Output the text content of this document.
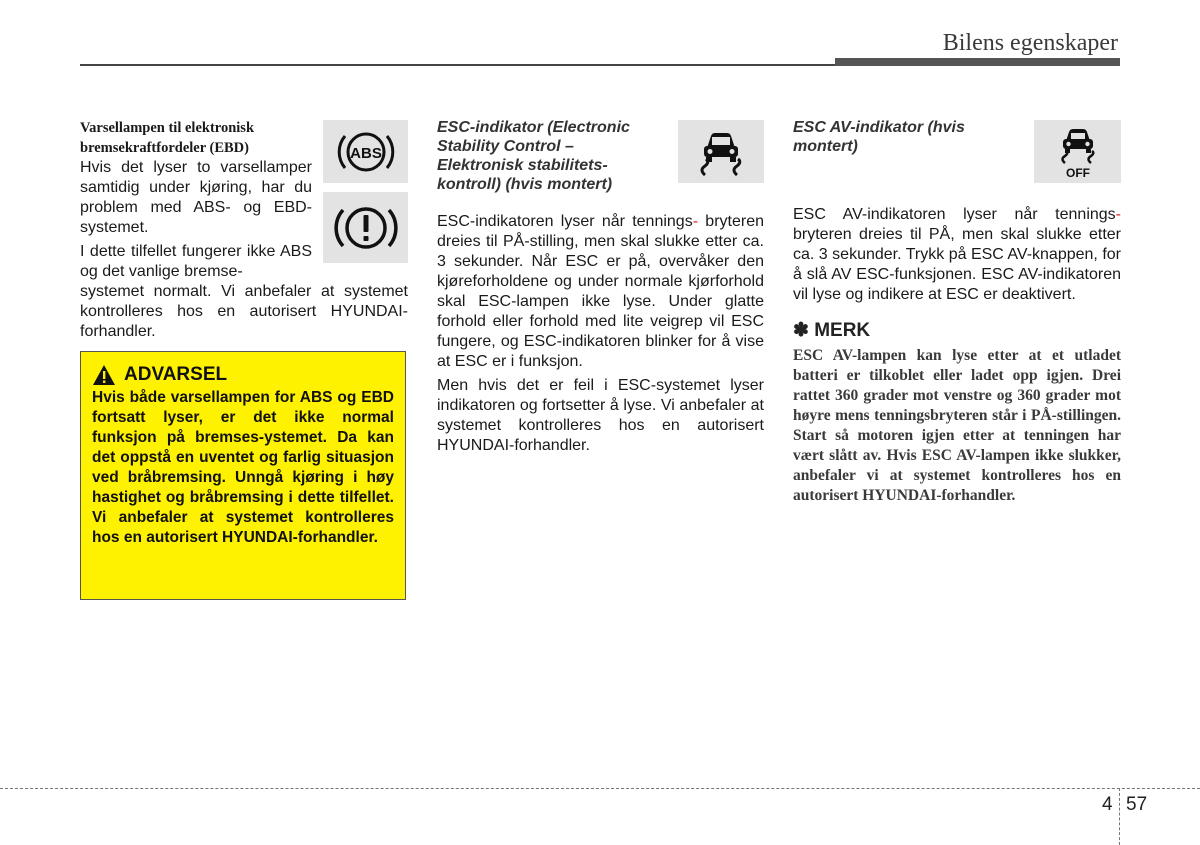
Bilens egenskaper

Varsellampen til elektronisk bremsekraftfordeler (EBD)

Hvis det lyser to varsellamper samtidig under kjøring, har du problem med ABS- og EBD-systemet.

I dette tilfellet fungerer ikke ABS og det vanlige bremse-

systemet normalt. Vi anbefaler at systemet kontrolleres hos en autorisert HYUNDAI-forhandler.

ABS
ADVARSEL

Hvis både varsellampen for ABS og EBD fortsatt lyser, er det ikke normal funksjon på bremses-ystemet. Da kan det oppstå en uventet og farlig situasjon ved bråbremsing. Unngå kjøring i høy hastighet og bråbremsing i dette tilfellet. Vi anbefaler at systemet kontrolleres hos en autorisert HYUNDAI-forhandler.

ESC-indikator (Electronic Stability Control – Elektronisk stabilitets-kontroll) (hvis montert)

ESC-indikatoren lyser når tennings- bryteren dreies til PÅ-stilling, men skal slukke etter ca. 3 sekunder. Når ESC er på, overvåker den kjøreforholdene og under normale kjørforhold skal ESC-lampen ikke lyse. Under glatte forhold eller forhold med lite veigrep vil ESC fungere, og ESC-indikatoren blinker for å vise at ESC er i funksjon.

Men hvis det er feil i ESC-systemet lyser indikatoren og fortsetter å lyse. Vi anbefaler at systemet kontrolleres hos en autorisert HYUNDAI-forhandler.

ESC AV-indikator (hvis montert)

ESC AV-indikatoren lyser når tennings- bryteren dreies til PÅ, men skal slukke etter ca. 3 sekunder. Trykk på ESC AV-knappen, for å slå AV ESC-funksjonen. ESC AV-indikatoren vil lyse og indikere at ESC er deaktivert.

✽ MERK

ESC AV-lampen kan lyse etter at et utladet batteri er tilkoblet eller ladet opp igjen. Drei rattet 360 grader mot venstre og 360 grader mot høyre mens tenningsbryteren står i PÅ-stillingen. Start så motoren igjen etter at tenningen har vært slått av. Hvis ESC AV-lampen ikke slukker, anbefaler vi at systemet kontrolleres hos en autorisert HYUNDAI-forhandler.

OFF
4 57
